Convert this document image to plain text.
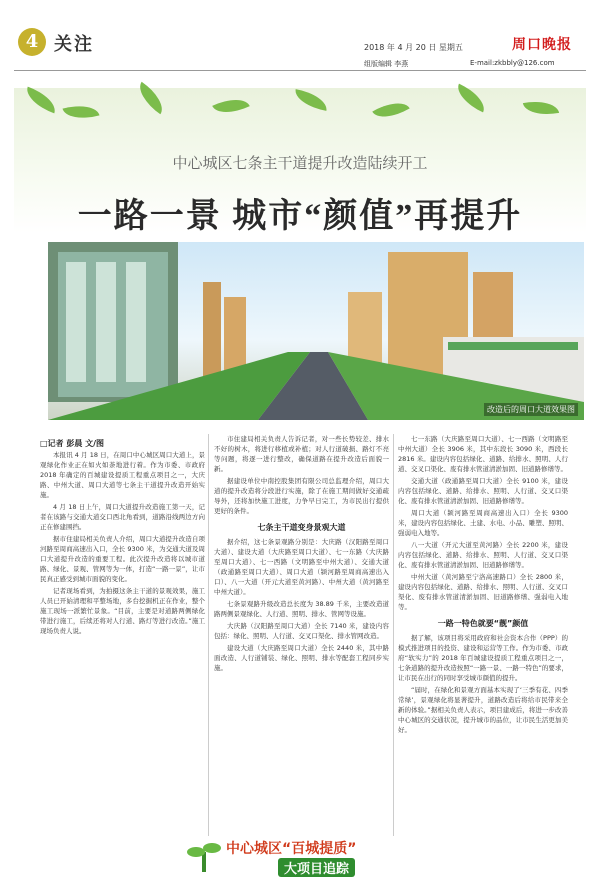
4 关注	2018 年 4 月 20 日 星期五	周口晚报
组版编辑 李燕	E-mail:zkbbly@126.com
中心城区七条主干道提升改造陆续开工
一路一景 城市“颜值”再提升
改造后的周口大道效果图
□记者 彭晨 文/图

本报讯 4 月 18 日，在周口中心城区周口大道上，景观绿化作业正在如火如荼地进行着。作为市委、市政府 2018 年确定的百城建设提质工程重点项目之一，大庆路、中州大道、周口大道等七条主干道提升改造开始实施。

4 月 18 日上午，周口大道提升改造施工第一天，记者在该路与交通大道交口西北角看到，道路沿线两边方向正在修建围挡。

据市住建局相关负责人介绍，周口大道提升改造自项河路至周商高速出入口，全长 9300 米，为交通大道及周口大道提升改造的重要工程。此次提升改造将以城市道路、绿化、景观、管网等为一体，打造“一路一景”，让市民真正感受到城市面貌的变化。

记者现场看到，为拍摄这条主干道的景观效果，施工人员已开始清理和平整场地，多台挖掘机正在作业，整个施工现场一派繁忙景象。“目前，主要是对道路两侧绿化带进行施工，后续还将对人行道、路灯等进行改造。”施工现场负责人说。

市住建局相关负责人告诉记者，对一些长势较差、排水不好的树木，将进行移植或补植；对人行道破损、路灯不亮等问题，将逐一进行整改，确保道路在提升改造后面貌一新。

据建设单位中南控股集团有限公司总监理介绍，周口大道的提升改造将分段进行实施，除了在施工期间做好交通疏导外，还将加快施工进度，力争早日完工，为市民出行提供更好的条件。

七条主干道变身景观大道

据介绍，这七条景观路分别是：大庆路（汉阳路至周口大道）、建设大道（大庆路至周口大道）、七一东路（大庆路至周口大道）、七一西路（文明路至中州大道）、交通大道（政通路至周口大道）、周口大道（颍河路至周商高速出入口）、八一大道（开元大道至黄河路）、中州大道（黄河路至中州大道）。

七条景观路升级改造总长度为 38.89 千米，主要改造道路两侧景观绿化、人行道、照明、排水、管网等设施。

大庆路（汉阳路至周口大道）全长 7140 米，建设内容包括：绿化、照明、人行道、交叉口渠化、排水管网改造。

建设大道（大庆路至周口大道）全长 2440 米，其中路面改造、人行道铺装、绿化、照明、排水等配套工程同步实施。

七一东路（大庆路至周口大道）、七一西路（文明路至中州大道）全长 3906 米，其中东段长 3090 米，西段长 2816 米。建设内容包括绿化、道路、给排水、照明、人行道、交叉口渠化、废有排水管道清淤加固、旧道路修缮等。

交通大道（政通路至周口大道）全长 9100 米，建设内容包括绿化、道路、给排水、照明、人行道、交叉口渠化、废有排水管道清淤加固、旧道路修缮等。

周口大道（颍河路至周商高速出入口）全长 9300 米，建设内容包括绿化、土建、水电、小品、雕塑、照明、强弱电入地等。

八一大道（开元大道至黄河路）全长 2200 米，建设内容包括绿化、道路、给排水、照明、人行道、交叉口渠化、废有排水管道清淤加固、旧道路修缮等。

中州大道（黄河路至宁洛高速路口）全长 2800 米，建设内容包括绿化、道路、给排水、照明、人行道、交叉口渠化、废有排水管道清淤加固、旧道路修缮、强弱电入地等。

一路一特色就要“靓”颜值

据了解，该项目将采用政府和社会资本合作（PPP）的模式推进项目的投资、建设和运营等工作。作为市委、市政府“软实力”的 2018 年百城建设提质工程重点项目之一，七条道路的提升改造按照“一路一景、一路一特色”的要求，让市民在出行的同时享受城市颜值的提升。

“届时，在绿化和景观方面基本实现了‘三季有花、四季常绿’，景观绿化将显著提升，道路改造后将给市民带来全新的体验。”据相关负责人表示，项目建成后，将进一步改善中心城区的交通状况，提升城市的品位，让市民生活更加美好。

中心城区“百城提质”
大项目追踪
